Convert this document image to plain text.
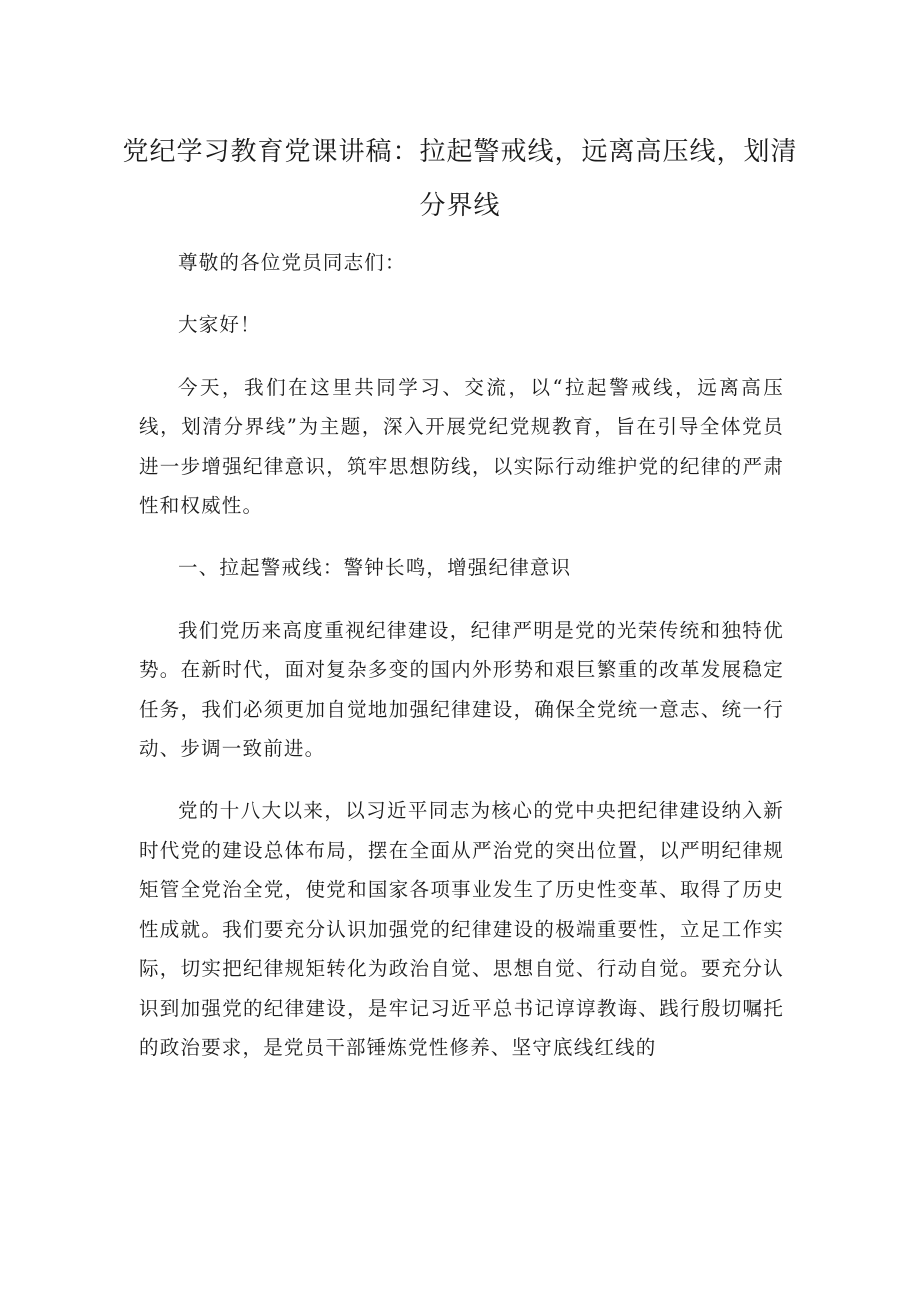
党纪学习教育党课讲稿：拉起警戒线，远离高压线，划清分界线

尊敬的各位党员同志们：

大家好！

今天，我们在这里共同学习、交流，以“拉起警戒线，远离高压线，划清分界线”为主题，深入开展党纪党规教育，旨在引导全体党员进一步增强纪律意识，筑牢思想防线，以实际行动维护党的纪律的严肃性和权威性。

一、拉起警戒线：警钟长鸣，增强纪律意识

我们党历来高度重视纪律建设，纪律严明是党的光荣传统和独特优势。在新时代，面对复杂多变的国内外形势和艰巨繁重的改革发展稳定任务，我们必须更加自觉地加强纪律建设，确保全党统一意志、统一行动、步调一致前进。

党的十八大以来，以习近平同志为核心的党中央把纪律建设纳入新时代党的建设总体布局，摆在全面从严治党的突出位置，以严明纪律规矩管全党治全党，使党和国家各项事业发生了历史性变革、取得了历史性成就。我们要充分认识加强党的纪律建设的极端重要性，立足工作实际，切实把纪律规矩转化为政治自觉、思想自觉、行动自觉。要充分认识到加强党的纪律建设，是牢记习近平总书记谆谆教诲、践行殷切嘱托的政治要求，是党员干部锤炼党性修养、坚守底线红线的
